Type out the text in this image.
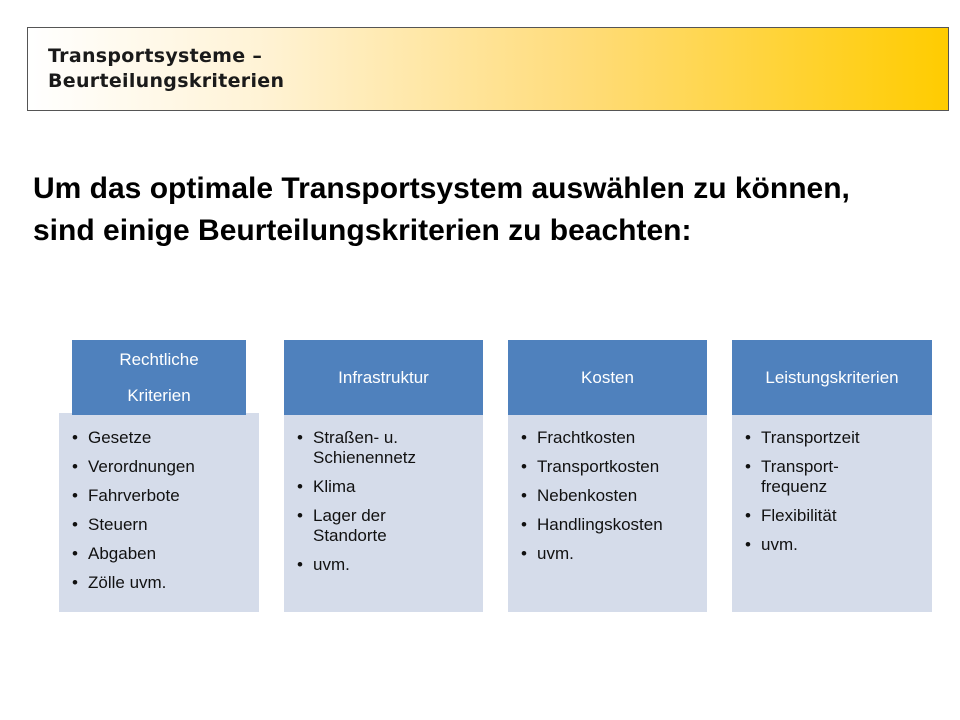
Transportsysteme –
Beurteilungskriterien
Um das optimale Transportsystem auswählen zu können,
sind einige Beurteilungskriterien zu beachten:
Rechtliche
Kriterien
• Gesetze
• Verordnungen
• Fahrverbote
• Steuern
• Abgaben
• Zölle uvm.
Infrastruktur
• Straßen- u.
Schienennetz
• Klima
• Lager der
Standorte
• uvm.
Kosten
• Frachtkosten
• Transportkosten
• Nebenkosten
• Handlingskosten
• uvm.
Leistungskriterien
• Transportzeit
• Transport-
frequenz
• Flexibilität
• uvm.
